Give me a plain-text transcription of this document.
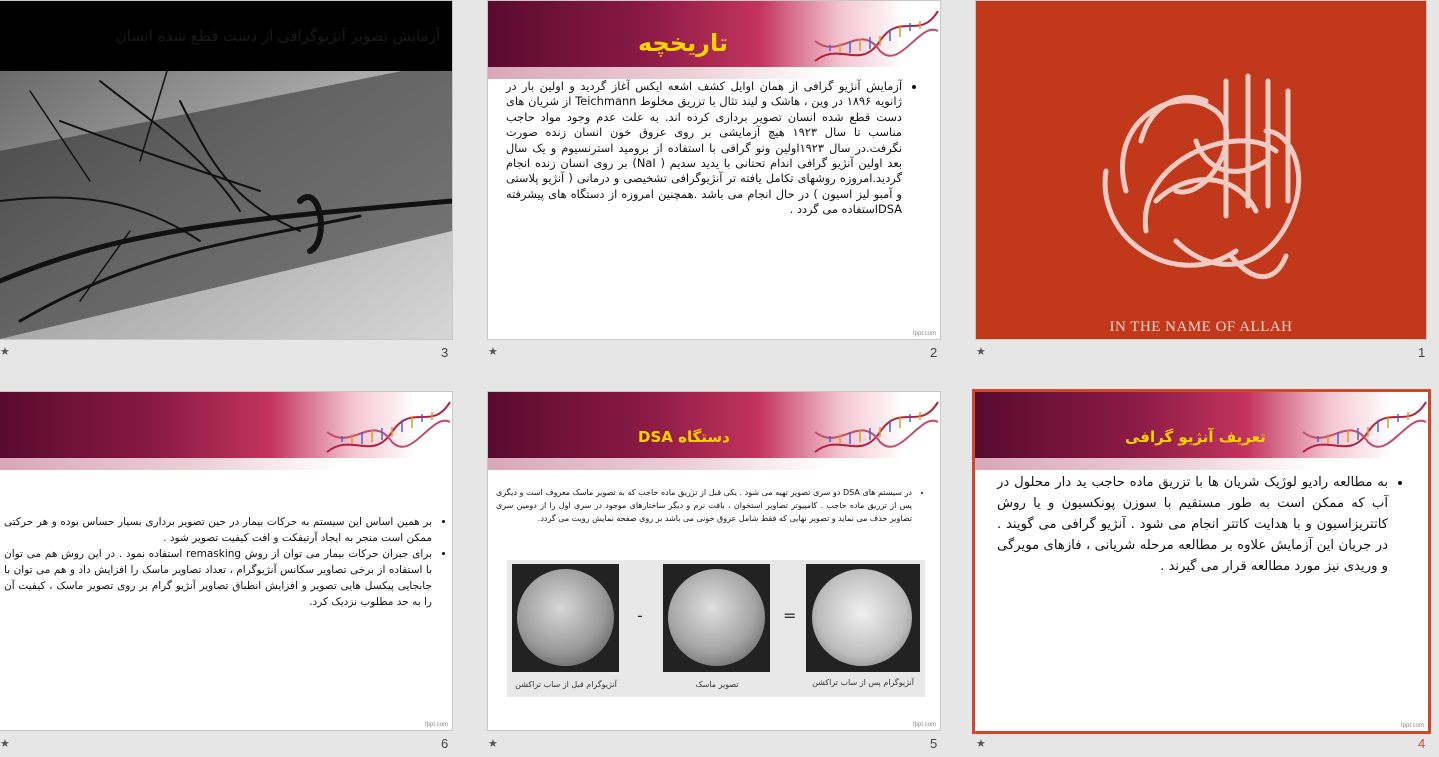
IN THE NAME OF ALLAH
★	1
تاریخچه
• آزمایش آنژیو گرافی از همان اوایل کشف اشعه ایکس آغاز گردید و اولین بار در ژانویه ۱۸۹۶ در وین ، هاشک و لیند تثال با تزریق مخلوط Teichmann از شریان های دست قطع شده انسان تصویر برداری کرده اند. به علت عدم وجود مواد حاجب مناسب تا سال ۱۹۲۳ هیچ آزمایشی بر روی عروق خون انسان زنده صورت نگرفت.در سال ۱۹۲۳اولین ونو گرافی با استفاده از برومید استرنسیوم و یک سال بعد اولین آنژیو گرافی اندام تحتانی با یدید سدیم ( NaI) بر روی انسان زنده انجام گردید.امروزه روشهای تکامل یافته تر آنژیوگرافی تشخیصی و درمانی ( آنژیو پلاستی و آمبو لیز اسیون ) در حال انجام می باشد .همچنین امروزه از دستگاه های پیشرفته DSAاستفاده می گردد .
fppt.com
★	2
آزمایش تصویر آنژیوگرافی از دست قطع شده انسان
★	3
تعریف آنژیو گرافی
• به مطالعه رادیو لوژیک شریان ها با تزریق ماده حاجب ید دار محلول در آب که ممکن است به طور مستقیم با سوزن پونکسیون و یا روش کاتتریزاسیون و با هدایت کاتتر انجام می شود . آنژیو گرافی می گویند . در جریان این آزمایش علاوه بر مطالعه مرحله شریانی ، فازهای مویرگی و وریدی نیز مورد مطالعه قرار می گیرند .
fppt.com
★	4
دستگاه DSA
• در سیستم های DSA دو سری تصویر تهیه می شود . یکی قبل از تزریق ماده حاجب که به تصویر ماسک معروف است و دیگری پس از تزریق ماده حاجب . کامپیوتر تصاویر استخوان ، بافت نرم و دیگر ساختارهای موجود در سری اول را از دومین سری تصاویر حذف می نماید و تصویر نهایی که فقط شامل عروق خونی می باشد بر روی صفحه نمایش رویت می گردد.
-	=
آنژیوگرام پس از ساب تراکشن
تصویر ماسک
آنژیوگرام قبل از ساب تراکشن
fppt.com
★	5
• بر همین اساس این سیستم به حرکات بیمار در حین تصویر برداری بسیار حساس بوده و هر حرکتی ممکن است منجر به ایجاد آرتیفکت و افت کیفیت تصویر شود .
• برای جبران حرکات بیمار می توان از روش remasking استفاده نمود . در این روش هم می توان با استفاده از برخی تصاویر سکانس آنژیوگرام ، تعداد تصاویر ماسک را افزایش داد و هم می توان با جابجایی پیکسل هایی تصویر و افزایش انطباق تصاویر آنژیو گرام بر روی تصویر ماسک ، کیفیت آن را به حد مطلوب نزدیک کرد.
fppt.com
★	6
